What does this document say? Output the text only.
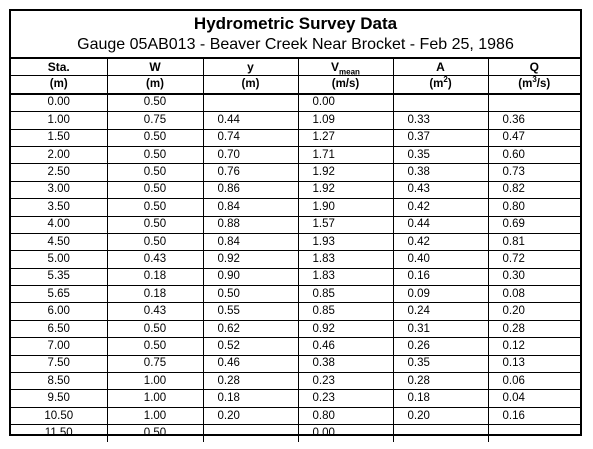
Hydrometric Survey Data
Gauge 05AB013 - Beaver Creek Near Brocket - Feb 25, 1986
Sta.	W	y	$V_{mean}$	A	Q
(m)	(m)	(m)	(m/s)	$(m^2)$	$(m^3/s)$
0.00	0.50		0.00		
1.00	0.75	0.44	1.09	0.33	0.36
1.50	0.50	0.74	1.27	0.37	0.47
2.00	0.50	0.70	1.71	0.35	0.60
2.50	0.50	0.76	1.92	0.38	0.73
3.00	0.50	0.86	1.92	0.43	0.82
3.50	0.50	0.84	1.90	0.42	0.80
4.00	0.50	0.88	1.57	0.44	0.69
4.50	0.50	0.84	1.93	0.42	0.81
5.00	0.43	0.92	1.83	0.40	0.72
5.35	0.18	0.90	1.83	0.16	0.30
5.65	0.18	0.50	0.85	0.09	0.08
6.00	0.43	0.55	0.85	0.24	0.20
6.50	0.50	0.62	0.92	0.31	0.28
7.00	0.50	0.52	0.46	0.26	0.12
7.50	0.75	0.46	0.38	0.35	0.13
8.50	1.00	0.28	0.23	0.28	0.06
9.50	1.00	0.18	0.23	0.18	0.04
10.50	1.00	0.20	0.80	0.20	0.16
11.50	0.50		0.00		
